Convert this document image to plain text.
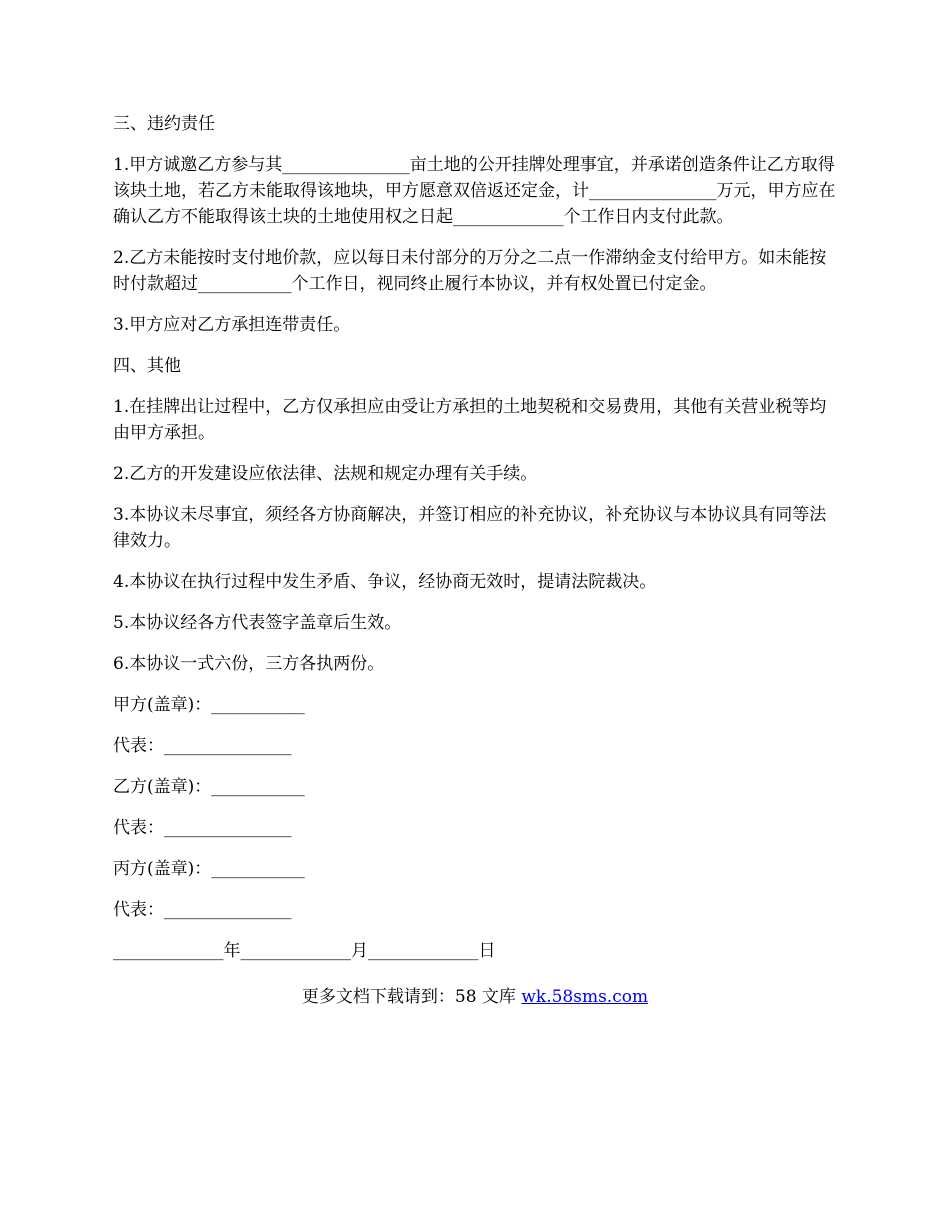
三、违约责任

1.甲方诚邀乙方参与其_______________亩土地的公开挂牌处理事宜，并承诺创造条件让乙方取得该块土地，若乙方未能取得该地块，甲方愿意双倍返还定金，计_______________万元，甲方应在确认乙方不能取得该土块的土地使用权之日起_____________个工作日内支付此款。

2.乙方未能按时支付地价款，应以每日未付部分的万分之二点一作滞纳金支付给甲方。如未能按时付款超过___________个工作日，视同终止履行本协议，并有权处置已付定金。

3.甲方应对乙方承担连带责任。

四、其他

1.在挂牌出让过程中，乙方仅承担应由受让方承担的土地契税和交易费用，其他有关营业税等均由甲方承担。

2.乙方的开发建设应依法律、法规和规定办理有关手续。

3.本协议未尽事宜，须经各方协商解决，并签订相应的补充协议，补充协议与本协议具有同等法律效力。

4.本协议在执行过程中发生矛盾、争议，经协商无效时，提请法院裁决。

5.本协议经各方代表签字盖章后生效。

6.本协议一式六份，三方各执两份。

甲方(盖章)：___________

代表：_______________

乙方(盖章)：___________

代表：_______________

丙方(盖章)：___________

代表：_______________

_____________年_____________月_____________日

更多文档下载请到：58 文库 wk.58sms.com
